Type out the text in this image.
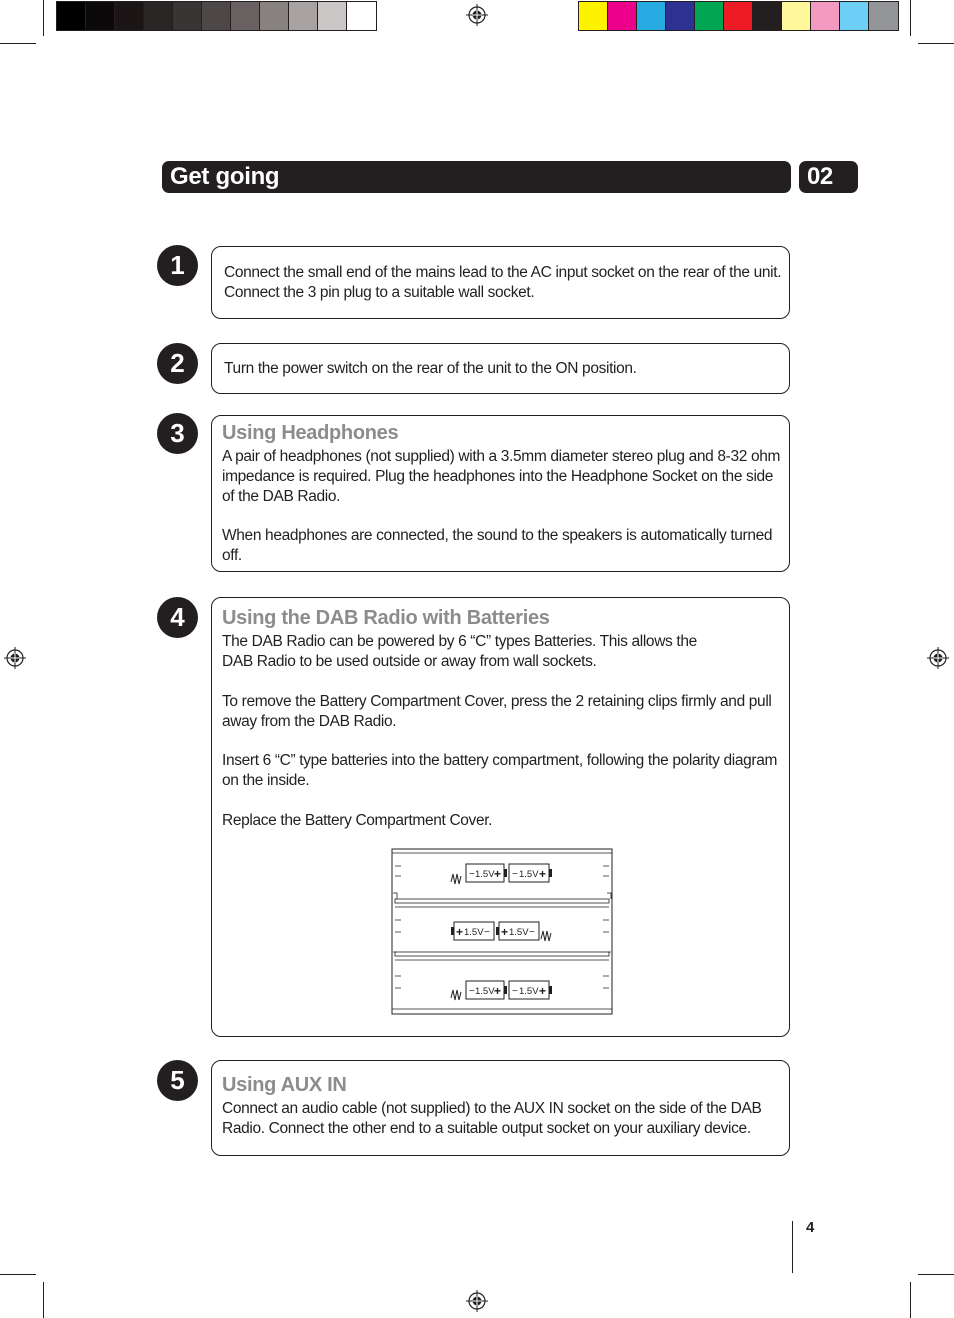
Get going	02
1	Connect the small end of the mains lead to the AC input socket on the rear of the unit.
Connect the 3 pin plug to a suitable wall socket.
2	Turn the power switch on the rear of the unit to the ON position.
3	Using Headphones
A pair of headphones (not supplied) with a 3.5mm diameter stereo plug and 8-32 ohm impedance is required. Plug the headphones into the Headphone Socket on the side of the DAB Radio.
When headphones are connected, the sound to the speakers is automatically turned off.
4	Using the DAB Radio with Batteries
The DAB Radio can be powered by 6 “C” types Batteries. This allows the
DAB Radio to be used outside or away from wall sockets.
To remove the Battery Compartment Cover, press the 2 retaining clips firmly and pull away from the DAB Radio.
Insert 6 “C” type batteries into the battery compartment, following the polarity diagram on the inside.
Replace the Battery Compartment Cover.
− 1.5V + − 1.5V +
+ 1.5V − + 1.5V −
− 1.5V + − 1.5V +
5	Using AUX IN
Connect an audio cable (not supplied) to the AUX IN socket on the side of the DAB Radio. Connect the other end to a suitable output socket on your auxiliary device.
4
